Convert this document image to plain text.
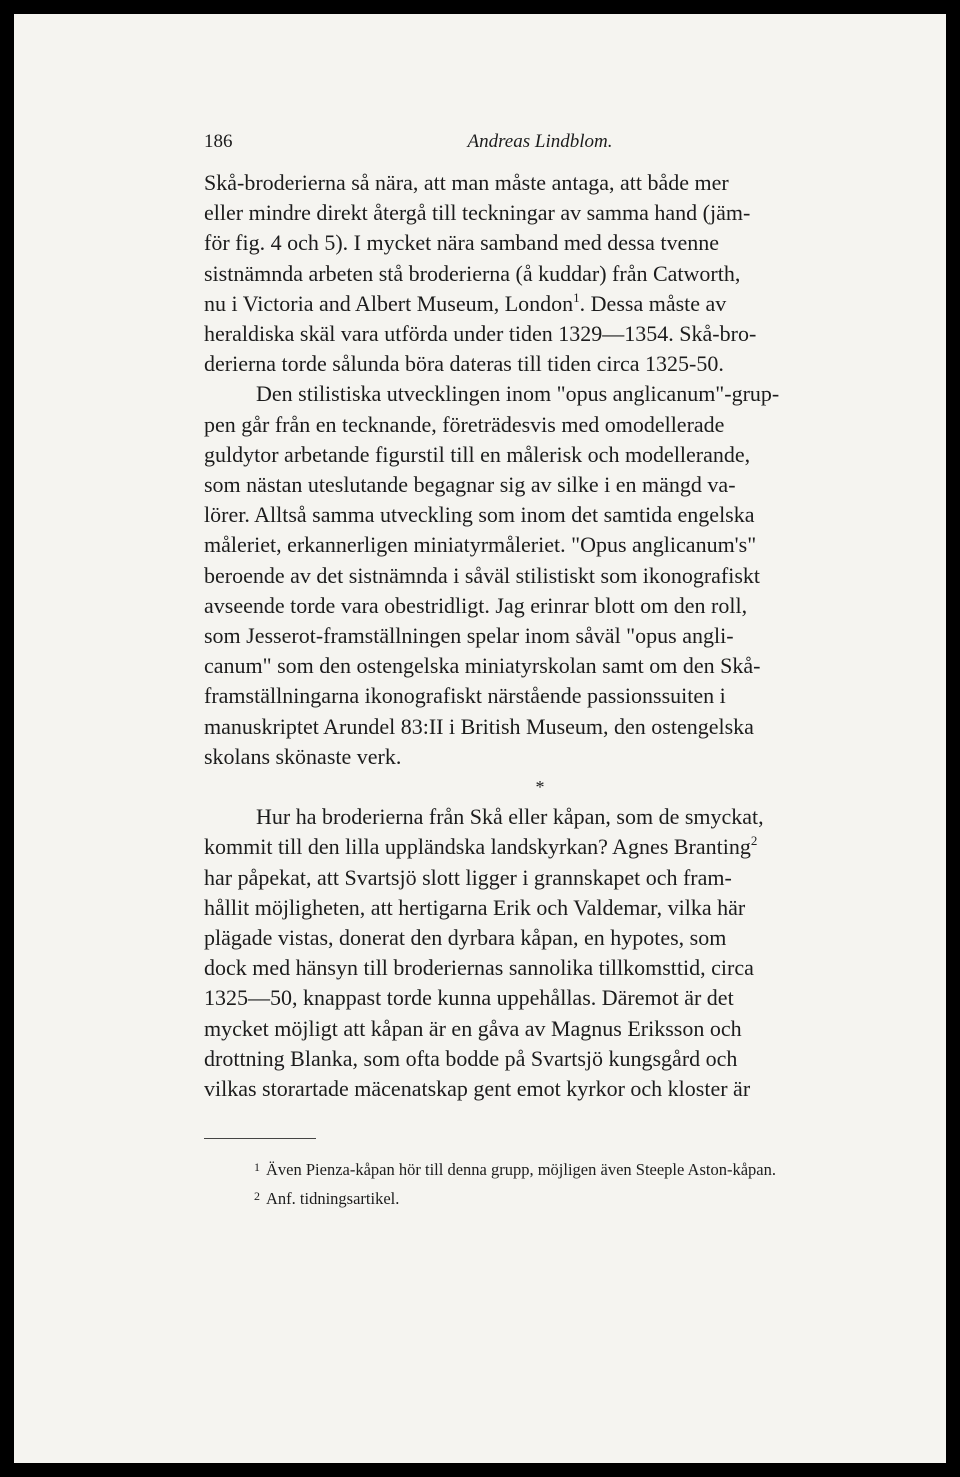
186	Andreas Lindblom.

Skå-broderierna så nära, att man måste antaga, att både mer
eller mindre direkt återgå till teckningar av samma hand (jäm-
för fig. 4 och 5). I mycket nära samband med dessa tvenne
sistnämnda arbeten stå broderierna (å kuddar) från Catworth,
nu i Victoria and Albert Museum, London$^1$. Dessa måste av
heraldiska skäl vara utförda under tiden 1329—1354. Skå-bro-
derierna torde sålunda böra dateras till tiden circa 1325-50.

Den stilistiska utvecklingen inom "opus anglicanum"-grup-
pen går från en tecknande, företrädesvis med omodellerade
guldytor arbetande figurstil till en målerisk och modellerande,
som nästan uteslutande begagnar sig av silke i en mängd va-
lörer. Alltså samma utveckling som inom det samtida engelska
måleriet, erkannerligen miniatyrmåleriet. "Opus anglicanum's"
beroende av det sistnämnda i såväl stilistiskt som ikonografiskt
avseende torde vara obestridligt. Jag erinrar blott om den roll,
som Jesserot-framställningen spelar inom såväl "opus angli-
canum" som den ostengelska miniatyrskolan samt om den Skå-
framställningarna ikonografiskt närstående passionssuiten i
manuskriptet Arundel 83:II i British Museum, den ostengelska
skolans skönaste verk.

*

Hur ha broderierna från Skå eller kåpan, som de smyckat,
kommit till den lilla uppländska landskyrkan? Agnes Branting$^2$
har påpekat, att Svartsjö slott ligger i grannskapet och fram-
hållit möjligheten, att hertigarna Erik och Valdemar, vilka här
plägade vistas, donerat den dyrbara kåpan, en hypotes, som
dock med hänsyn till broderiernas sannolika tillkomsttid, circa
1325—50, knappast torde kunna uppehållas. Däremot är det
mycket möjligt att kåpan är en gåva av Magnus Eriksson och
drottning Blanka, som ofta bodde på Svartsjö kungsgård och
vilkas storartade mäcenatskap gent emot kyrkor och kloster är

$^1$ Även Pienza-kåpan hör till denna grupp, möjligen även Steeple Aston-kåpan.

$^2$ Anf. tidningsartikel.
